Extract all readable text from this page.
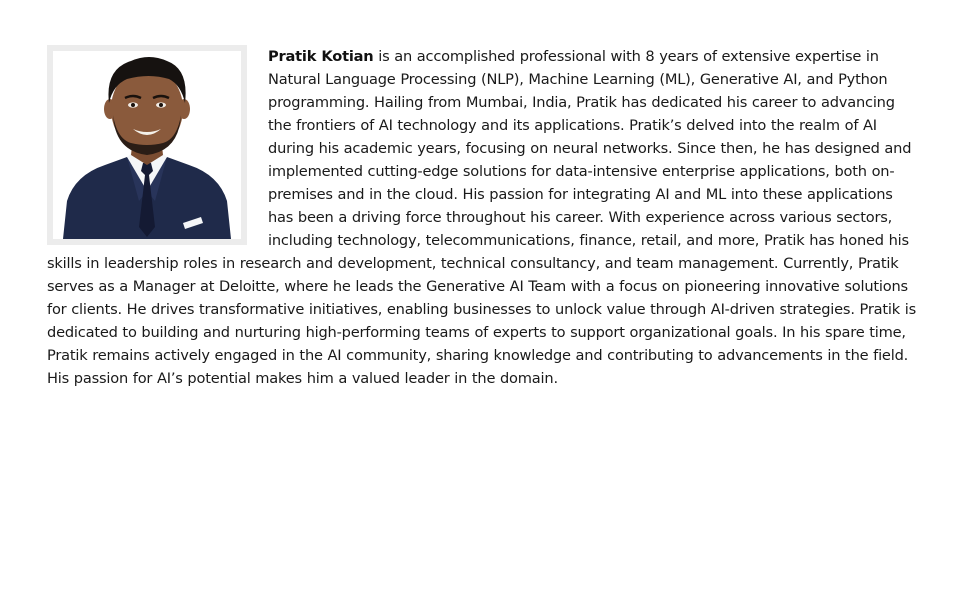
Pratik Kotian is an accomplished professional with 8 years of extensive expertise in Natural Language Processing (NLP), Machine Learning (ML), Generative AI, and Python programming. Hailing from Mumbai, India, Pratik has dedicated his career to advancing the frontiers of AI technology and its applications. Pratik’s delved into the realm of AI during his academic years, focusing on neural networks. Since then, he has designed and implemented cutting-edge solutions for data-intensive enterprise applications, both on-premises and in the cloud. His passion for integrating AI and ML into these applications has been a driving force throughout his career. With experience across various sectors, including technology, telecommunications, finance, retail, and more, Pratik has honed his skills in leadership roles in research and development, technical consultancy, and team management. Currently, Pratik serves as a Manager at Deloitte, where he leads the Generative AI Team with a focus on pioneering innovative solutions for clients. He drives transformative initiatives, enabling businesses to unlock value through AI-driven strategies. Pratik is dedicated to building and nurturing high-performing teams of experts to support organizational goals. In his spare time, Pratik remains actively engaged in the AI community, sharing knowledge and contributing to advancements in the field. His passion for AI’s potential makes him a valued leader in the domain.
